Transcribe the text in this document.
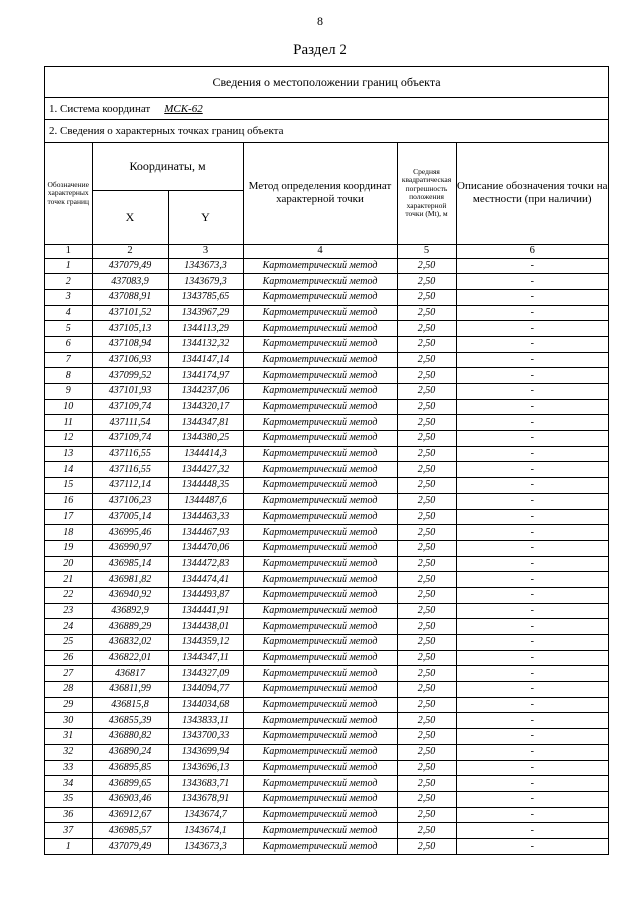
8
Раздел 2
Сведения о местоположении границ объекта
1. Система координат МСК-62
2. Сведения о характерных точках границ объекта
Обозначение характерных точек границ	Координаты, м		Метод определения координат характерной точки	Средняя квадратическая погрешность положения характерной точки (Мt), м	Описание обозначения точки на местности (при наличии)
	X	Y			
1	2	3	4	5	6
1	437079,49	1343673,3	Картометрический метод	2,50	-
2	437083,9	1343679,3	Картометрический метод	2,50	-
3	437088,91	1343785,65	Картометрический метод	2,50	-
4	437101,52	1343967,29	Картометрический метод	2,50	-
5	437105,13	1344113,29	Картометрический метод	2,50	-
6	437108,94	1344132,32	Картометрический метод	2,50	-
7	437106,93	1344147,14	Картометрический метод	2,50	-
8	437099,52	1344174,97	Картометрический метод	2,50	-
9	437101,93	1344237,06	Картометрический метод	2,50	-
10	437109,74	1344320,17	Картометрический метод	2,50	-
11	437111,54	1344347,81	Картометрический метод	2,50	-
12	437109,74	1344380,25	Картометрический метод	2,50	-
13	437116,55	1344414,3	Картометрический метод	2,50	-
14	437116,55	1344427,32	Картометрический метод	2,50	-
15	437112,14	1344448,35	Картометрический метод	2,50	-
16	437106,23	1344487,6	Картометрический метод	2,50	-
17	437005,14	1344463,33	Картометрический метод	2,50	-
18	436995,46	1344467,93	Картометрический метод	2,50	-
19	436990,97	1344470,06	Картометрический метод	2,50	-
20	436985,14	1344472,83	Картометрический метод	2,50	-
21	436981,82	1344474,41	Картометрический метод	2,50	-
22	436940,92	1344493,87	Картометрический метод	2,50	-
23	436892,9	1344441,91	Картометрический метод	2,50	-
24	436889,29	1344438,01	Картометрический метод	2,50	-
25	436832,02	1344359,12	Картометрический метод	2,50	-
26	436822,01	1344347,11	Картометрический метод	2,50	-
27	436817	1344327,09	Картометрический метод	2,50	-
28	436811,99	1344094,77	Картометрический метод	2,50	-
29	436815,8	1344034,68	Картометрический метод	2,50	-
30	436855,39	1343833,11	Картометрический метод	2,50	-
31	436880,82	1343700,33	Картометрический метод	2,50	-
32	436890,24	1343699,94	Картометрический метод	2,50	-
33	436895,85	1343696,13	Картометрический метод	2,50	-
34	436899,65	1343683,71	Картометрический метод	2,50	-
35	436903,46	1343678,91	Картометрический метод	2,50	-
36	436912,67	1343674,7	Картометрический метод	2,50	-
37	436985,57	1343674,1	Картометрический метод	2,50	-
1	437079,49	1343673,3	Картометрический метод	2,50	-
